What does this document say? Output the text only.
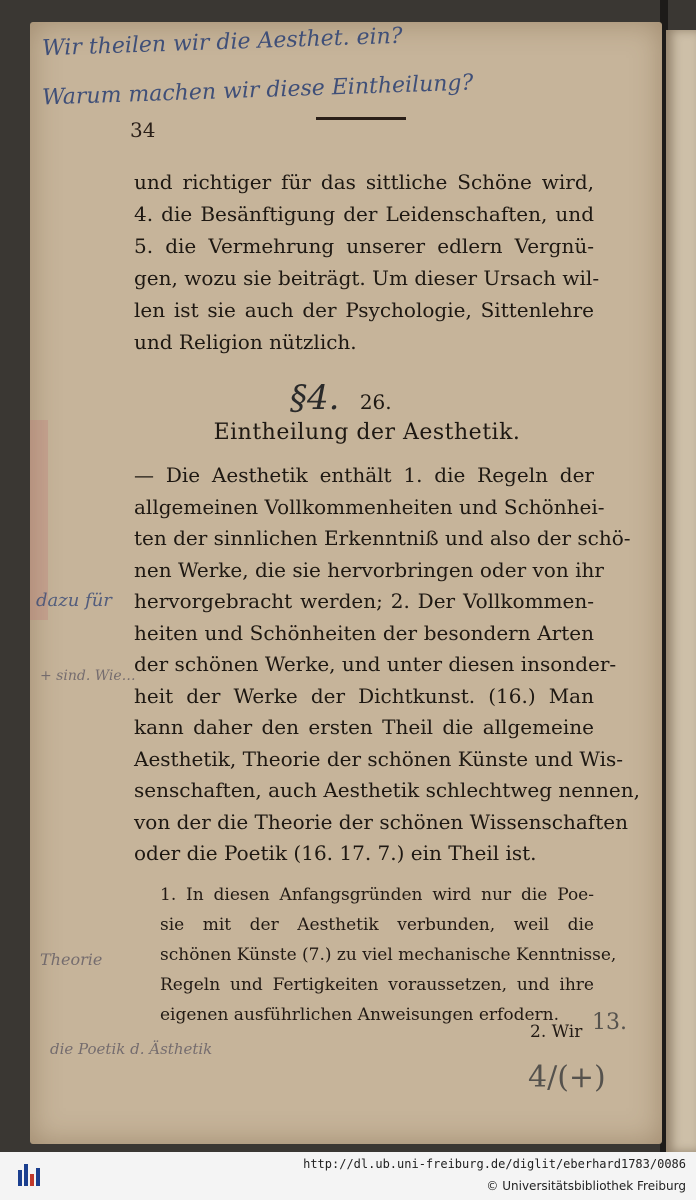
Wir theilen wir die Aesthet. ein?
Warum machen wir diese Eintheilung?
34
und richtiger für das sittliche Schöne wird,
4. die Besänftigung der Leidenschaften, und
5. die Vermehrung unserer edlern Vergnü-
gen, wozu sie beiträgt. Um dieser Ursach wil-
len ist sie auch der Psychologie, Sittenlehre
und Religion nützlich.
§4. 26.
Eintheilung der Aesthetik.
— Die Aesthetik enthält 1. die Regeln der
allgemeinen Vollkommenheiten und Schönhei-
ten der sinnlichen Erkenntniß und also der schö-
nen Werke, die sie hervorbringen oder von ihr
hervorgebracht werden; 2. Der Vollkommen-
heiten und Schönheiten der besondern Arten
der schönen Werke, und unter diesen insonder-
heit der Werke der Dichtkunst. (16.) Man
kann daher den ersten Theil die allgemeine
Aesthetik, Theorie der schönen Künste und Wis-
senschaften, auch Aesthetik schlechtweg nennen,
von der die Theorie der schönen Wissenschaften
oder die Poetik (16. 17. 7.) ein Theil ist.
1. In diesen Anfangsgründen wird nur die Poe-
sie mit der Aesthetik verbunden, weil die
schönen Künste (7.) zu viel mechanische Kenntnisse,
Regeln und Fertigkeiten voraussetzen, und ihre
eigenen ausführlichen Anweisungen erfodern.
2. Wir
dazu für
+ sind. Wie…
Theorie
die Poetik d. Ästhetik
13.
4/(+)
http://dl.ub.uni-freiburg.de/diglit/eberhard1783/0086
© Universitätsbibliothek Freiburg
